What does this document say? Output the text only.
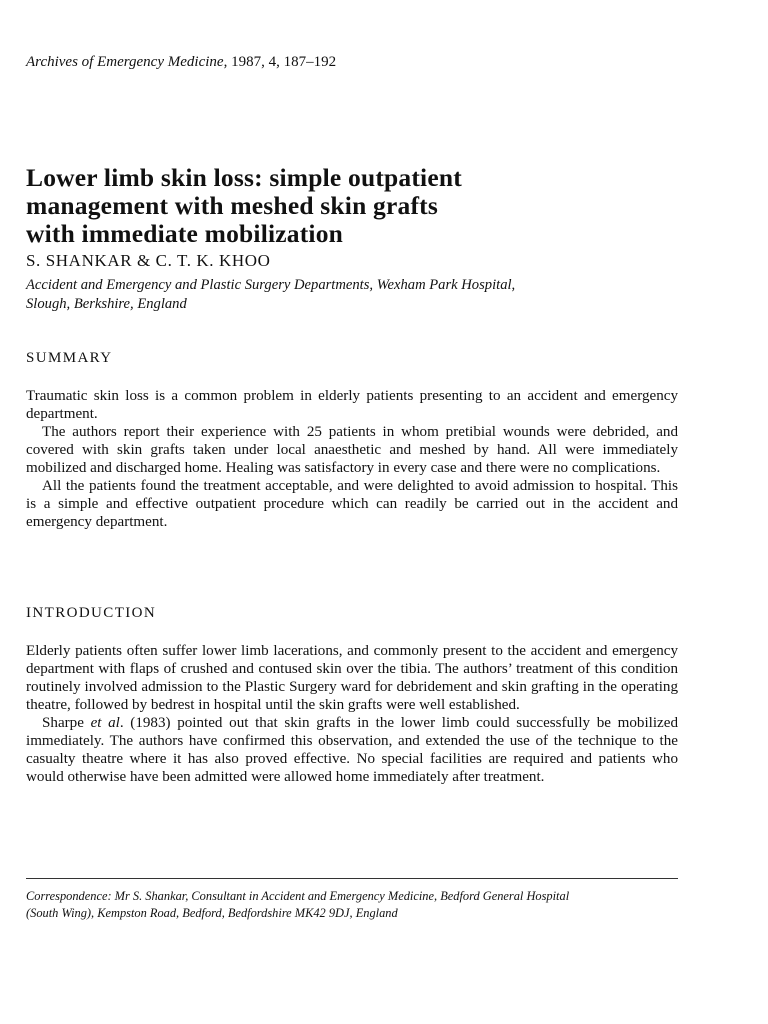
Archives of Emergency Medicine, 1987, 4, 187–192
Lower limb skin loss: simple outpatient
management with meshed skin grafts
with immediate mobilization
S. SHANKAR & C. T. K. KHOO
Accident and Emergency and Plastic Surgery Departments, Wexham Park Hospital,
Slough, Berkshire, England
SUMMARY

Traumatic skin loss is a common problem in elderly patients presenting to an accident and emergency department.

The authors report their experience with 25 patients in whom pretibial wounds were debrided, and covered with skin grafts taken under local anaesthetic and meshed by hand. All were immediately mobilized and discharged home. Healing was satisfactory in every case and there were no complications.

All the patients found the treatment acceptable, and were delighted to avoid admission to hospital. This is a simple and effective outpatient procedure which can readily be carried out in the accident and emergency department.

INTRODUCTION

Elderly patients often suffer lower limb lacerations, and commonly present to the accident and emergency department with flaps of crushed and contused skin over the tibia. The authors’ treatment of this condition routinely involved admission to the Plastic Surgery ward for debridement and skin grafting in the operating theatre, followed by bedrest in hospital until the skin grafts were well established.

Sharpe et al. (1983) pointed out that skin grafts in the lower limb could successfully be mobilized immediately. The authors have confirmed this observation, and extended the use of the technique to the casualty theatre where it has also proved effective. No special facilities are required and patients who would otherwise have been admitted were allowed home immediately after treatment.

Correspondence: Mr S. Shankar, Consultant in Accident and Emergency Medicine, Bedford General Hospital
(South Wing), Kempston Road, Bedford, Bedfordshire MK42 9DJ, England
